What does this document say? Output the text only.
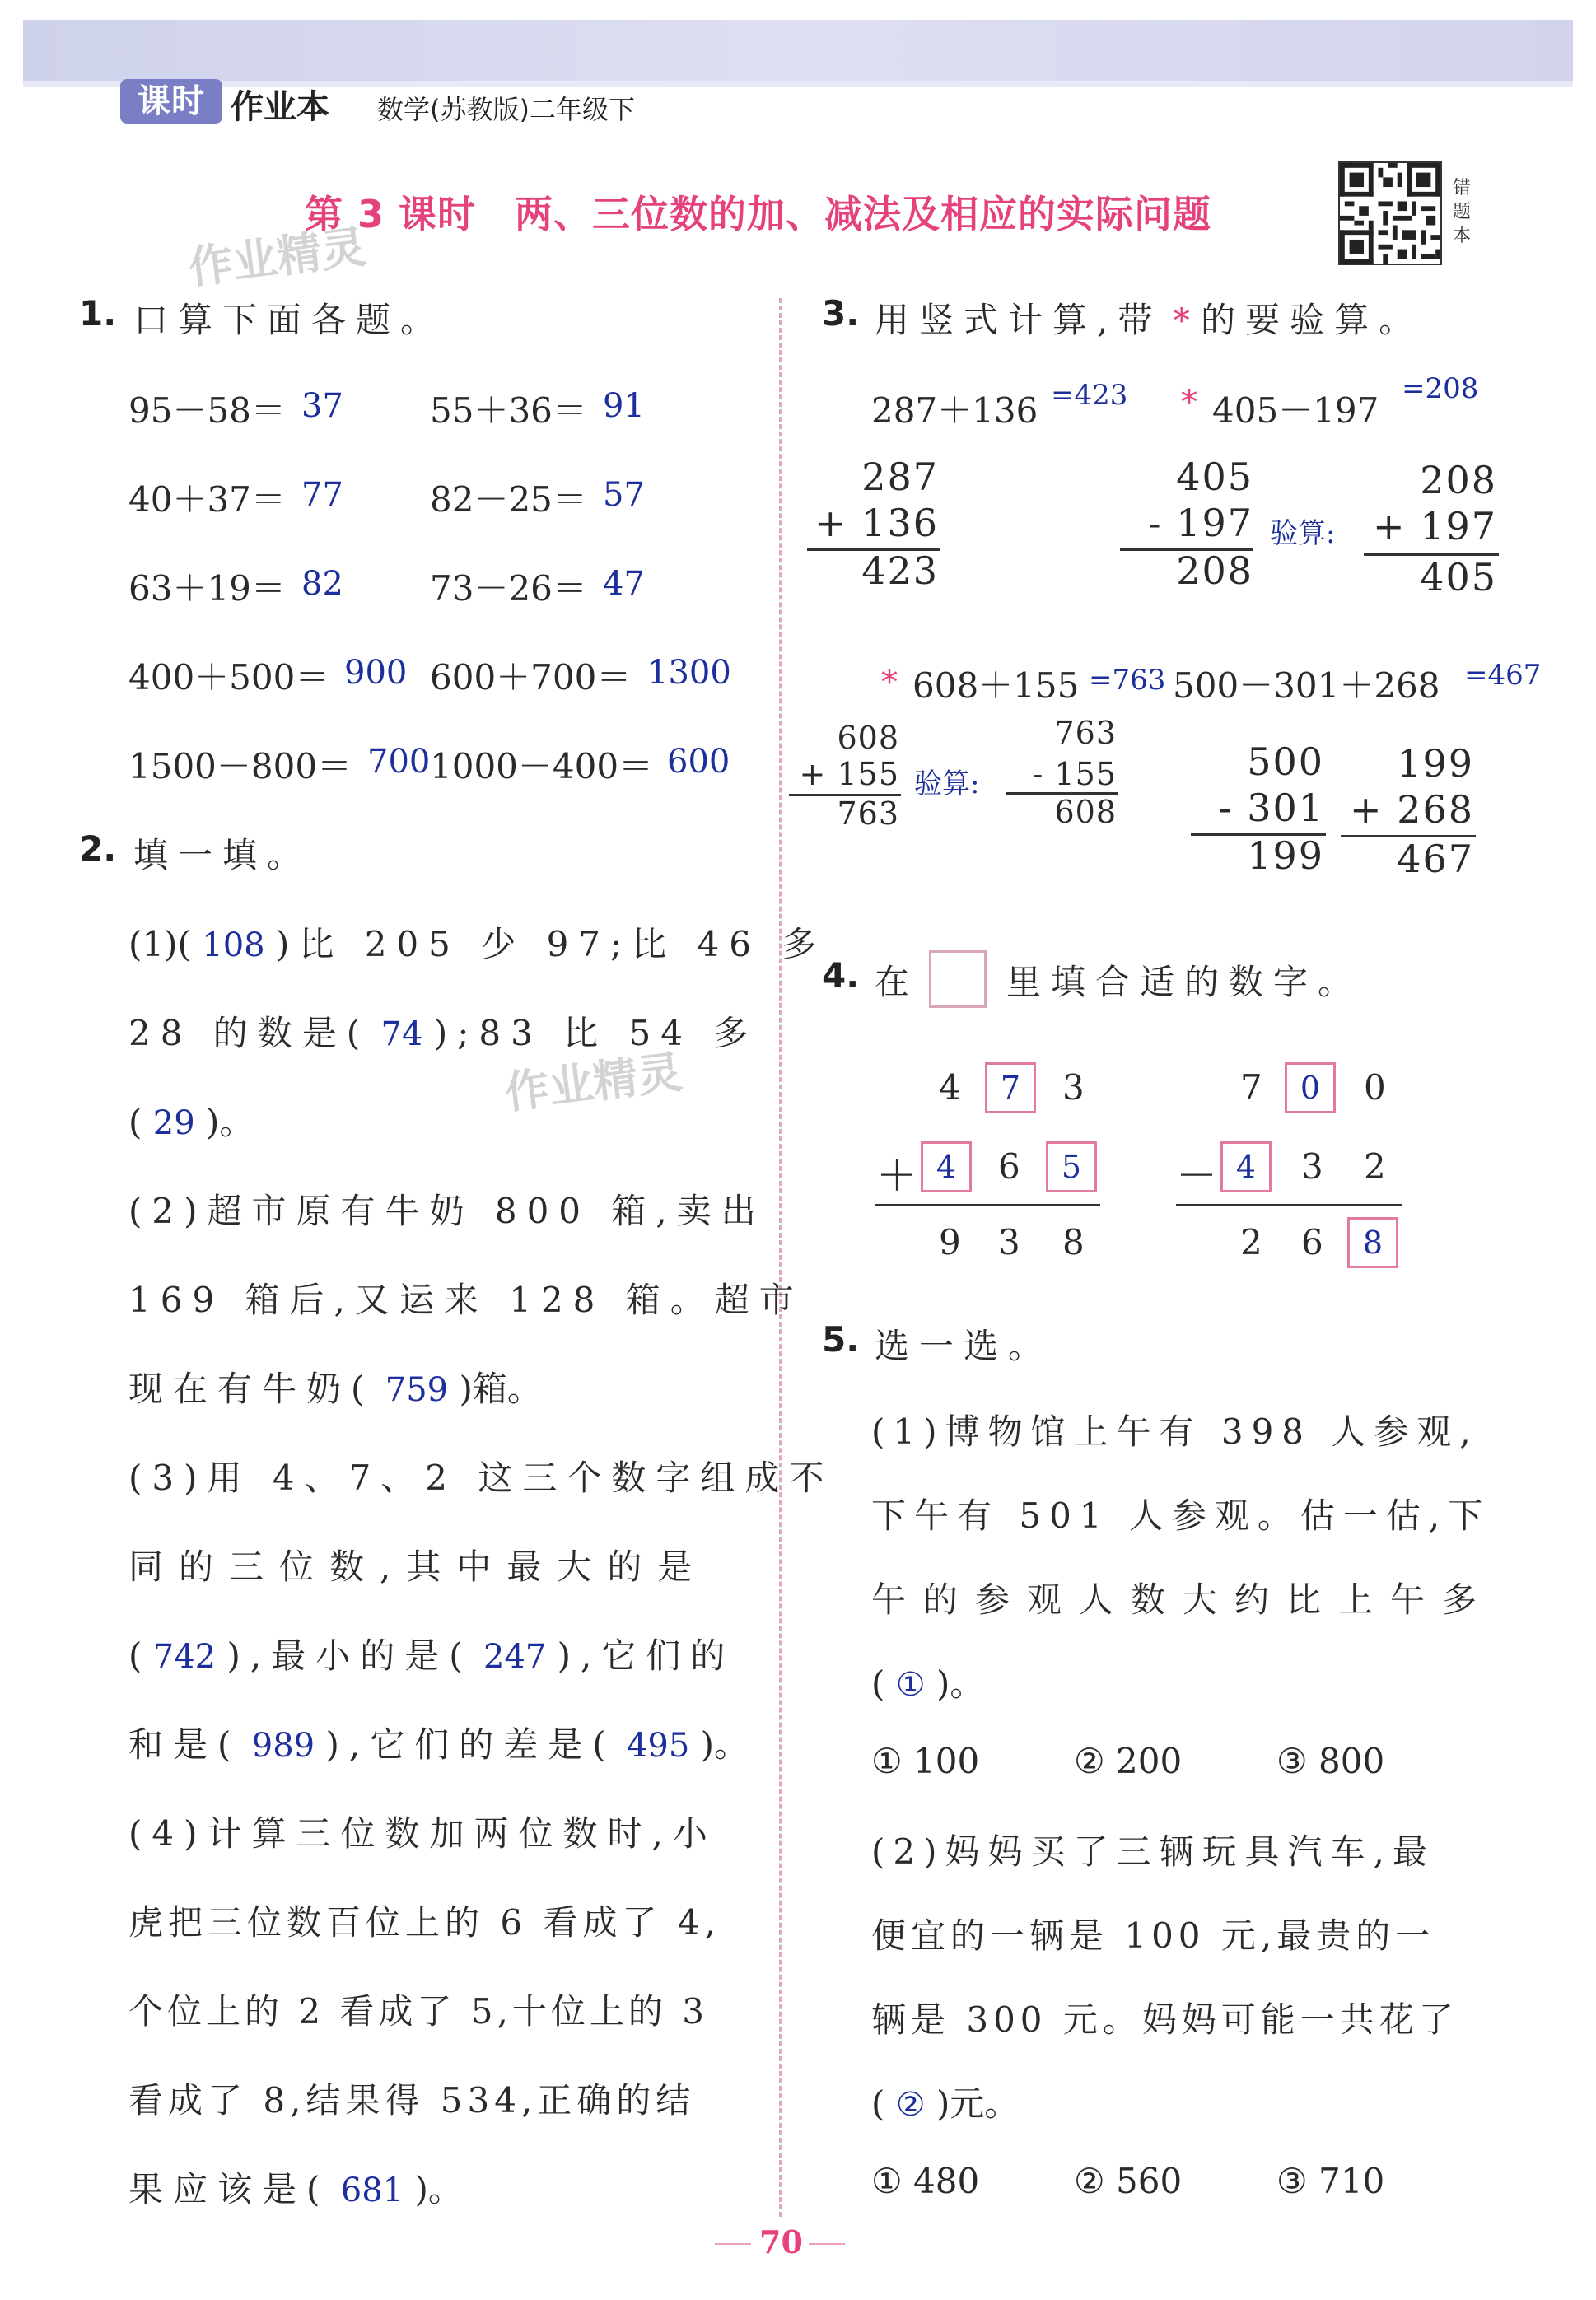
课时 作业本 数学(苏教版)二年级下
第 3 课时　两、三位数的加、减法及相应的实际问题
错题本
作业精灵
作业精灵
1. 口算下面各题。
95－58＝ 37	55＋36＝ 91
40＋37＝ 77	82－25＝ 57
63＋19＝ 82	73－26＝ 47
400＋500＝ 900 600＋700＝ 1300
1500－800＝ 700 1000－400＝ 600
2. 填一填。
(1)( 108 )比 205 少 97;比 46 多
28 的数是( 74 );83 比 54 多
( 29 )。
(2)超市原有牛奶 800 箱,卖出
169 箱后,又运来 128 箱。超市
现在有牛奶( 759 )箱。
(3)用 4、7、2 这三个数字组成不
同的三位数,其中最大的是
( 742 ),最小的是( 247 ),它们的
和是( 989 ),它们的差是( 495 )。
(4)计算三位数加两位数时,小
虎把三位数百位上的 6 看成了 4,
个位上的 2 看成了 5,十位上的 3
看成了 8,结果得 534,正确的结
果应该是( 681 )。
3. 用竖式计算,带 * 的要验算。
287＋136 =423
287
+ 136
423
* 405－197
=208
405
- 197
208
验算:
208
+ 197
405
* 608＋155 =763
608
+ 155
763
验算:
763
- 155
608
500－301＋268 =467
500
- 301
199
199
+ 268
467
4. 在	里填合适的数字。
4	7	3
＋ 4	6	5
9 3 8
7	0	0
－ 4	3 2
2 6	8
5. 选一选。
(1)博物馆上午有 398 人参观,
下午有 501 人参观。估一估,下
午的参观人数大约比上午多
( ① )。
① 100	② 200	③ 800
(2)妈妈买了三辆玩具汽车,最
便宜的一辆是 100 元,最贵的一
辆是 300 元。妈妈可能一共花了
( ② )元。
① 480	② 560	③ 710
70
